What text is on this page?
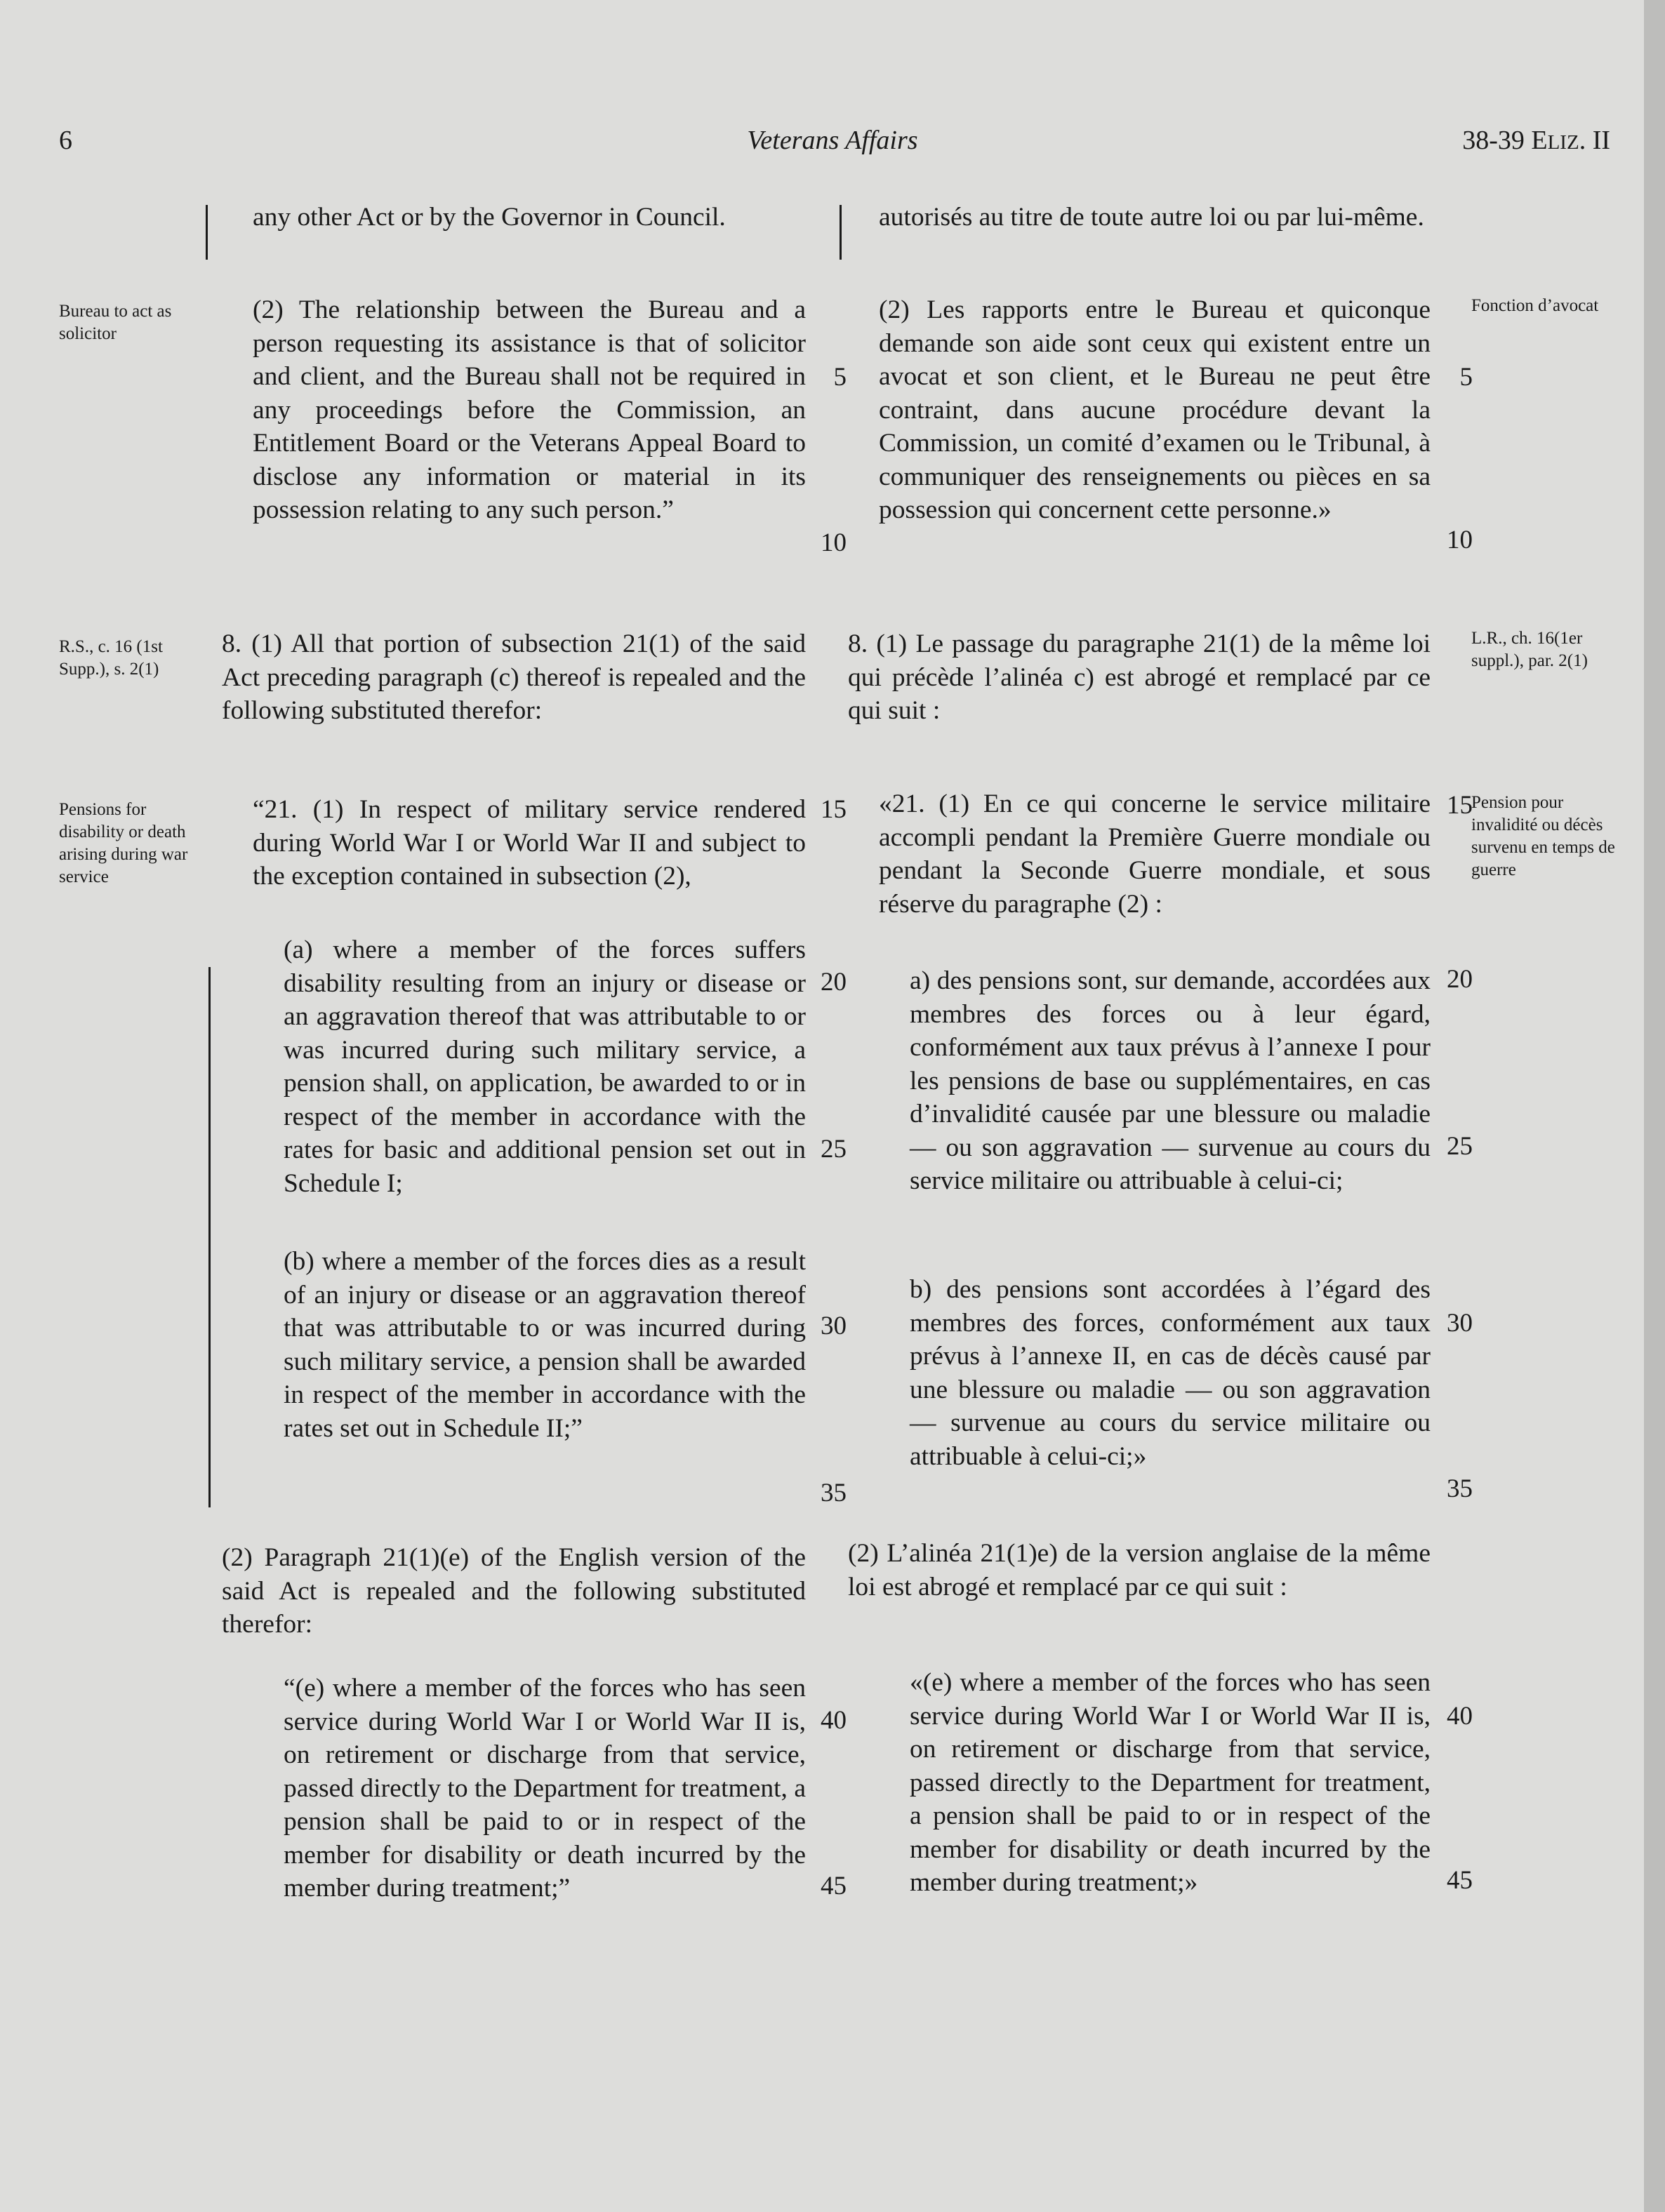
6	Veterans Affairs	38-39 ELIZ. II
Bureau to act as solicitor
R.S., c. 16 (1st Supp.), s. 2(1)
Pensions for disability or death arising during war service
Fonction d’avocat
L.R., ch. 16(1er suppl.), par. 2(1)
Pension pour invalidité ou décès survenu en temps de guerre

any other Act or by the Governor in Council.

(2) The relationship between the Bureau and a person requesting its assistance is that of solicitor and client, and the Bureau shall not be required in any proceedings before the Commission, an Entitlement Board or the Veterans Appeal Board to disclose any information or material in its possession relating to any such person.”

8. (1) All that portion of subsection 21(1) of the said Act preceding paragraph (c) thereof is repealed and the following substituted therefor:

“21. (1) In respect of military service rendered during World War I or World War II and subject to the exception contained in subsection (2),

(a) where a member of the forces suffers disability resulting from an injury or disease or an aggravation thereof that was attributable to or was incurred during such military service, a pension shall, on application, be awarded to or in respect of the member in accordance with the rates for basic and additional pension set out in Schedule I;

(b) where a member of the forces dies as a result of an injury or disease or an aggravation thereof that was attributable to or was incurred during such military service, a pension shall be awarded in respect of the member in accordance with the rates set out in Schedule II;”

(2) Paragraph 21(1)(e) of the English version of the said Act is repealed and the following substituted therefor:

“(e) where a member of the forces who has seen service during World War I or World War II is, on retirement or discharge from that service, passed directly to the Department for treatment, a pension shall be paid to or in respect of the member for disability or death incurred by the member during treatment;”

autorisés au titre de toute autre loi ou par lui-même.

(2) Les rapports entre le Bureau et quiconque demande son aide sont ceux qui existent entre un avocat et son client, et le Bureau ne peut être contraint, dans aucune procédure devant la Commission, un comité d’examen ou le Tribunal, à communiquer des renseignements ou pièces en sa possession qui concernent cette personne.»

8. (1) Le passage du paragraphe 21(1) de la même loi qui précède l’alinéa c) est abrogé et remplacé par ce qui suit :

«21. (1) En ce qui concerne le service militaire accompli pendant la Première Guerre mondiale ou pendant la Seconde Guerre mondiale, et sous réserve du paragraphe (2) :

a) des pensions sont, sur demande, accordées aux membres des forces ou à leur égard, conformément aux taux prévus à l’annexe I pour les pensions de base ou supplémentaires, en cas d’invalidité causée par une blessure ou maladie — ou son aggravation — survenue au cours du service militaire ou attribuable à celui-ci;

b) des pensions sont accordées à l’égard des membres des forces, conformément aux taux prévus à l’annexe II, en cas de décès causé par une blessure ou maladie — ou son aggravation — survenue au cours du service militaire ou attribuable à celui-ci;»

(2) L’alinéa 21(1)e) de la version anglaise de la même loi est abrogé et remplacé par ce qui suit :

«(e) where a member of the forces who has seen service during World War I or World War II is, on retirement or discharge from that service, passed directly to the Department for treatment, a pension shall be paid to or in respect of the member for disability or death incurred by the member during treatment;»

5
10
15
20
25
30
35
40
45
5
10
15
20
25
30
35
40
45
